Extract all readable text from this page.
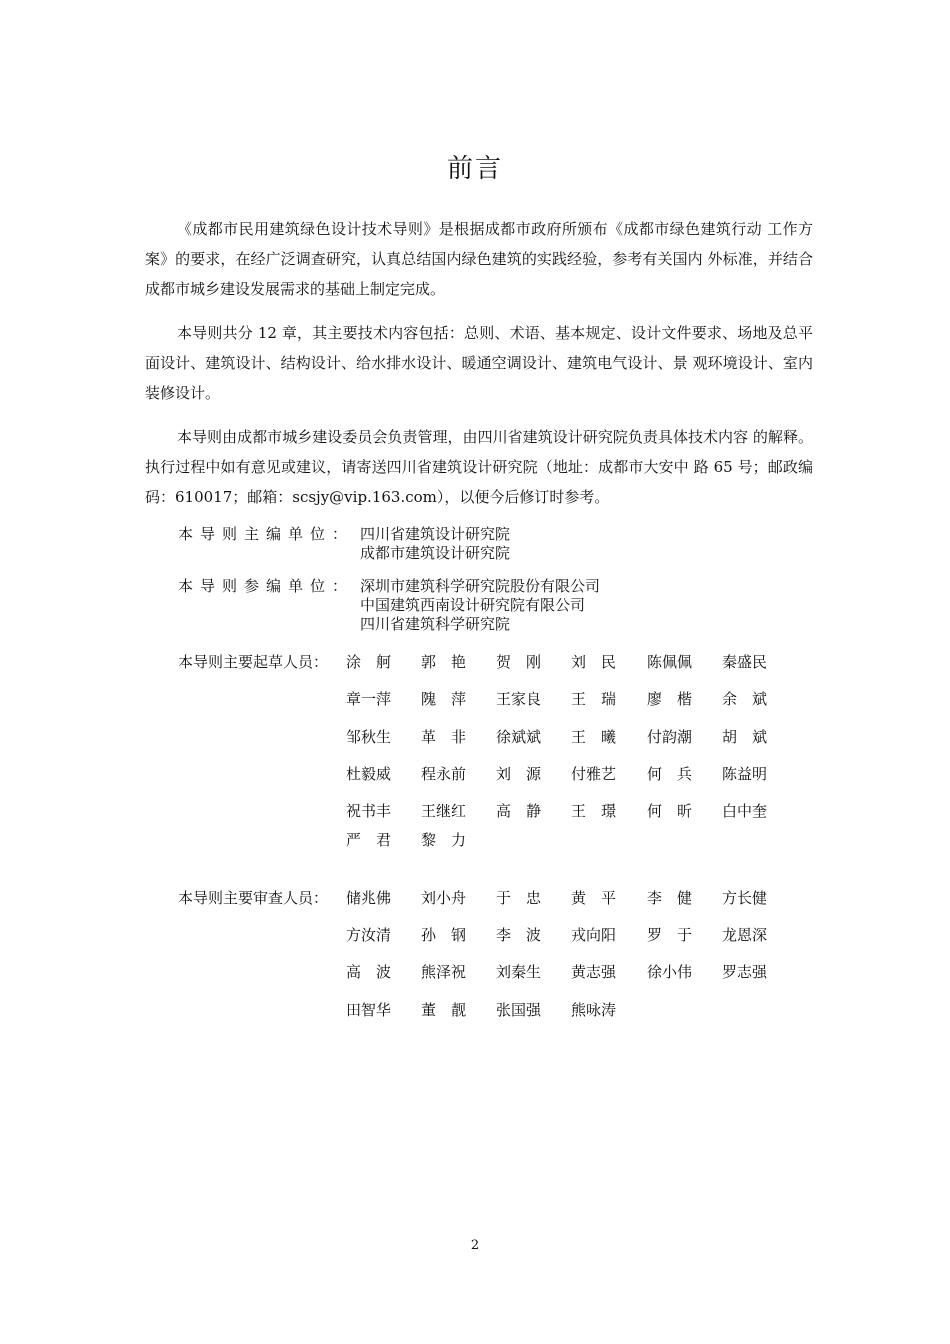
前言

《成都市民用建筑绿色设计技术导则》是根据成都市政府所颁布《成都市绿色建筑行动 工作方案》的要求，在经广泛调查研究，认真总结国内绿色建筑的实践经验，参考有关国内 外标准，并结合成都市城乡建设发展需求的基础上制定完成。

本导则共分 12 章，其主要技术内容包括：总则、术语、基本规定、设计文件要求、场地及总平面设计、建筑设计、结构设计、给水排水设计、暖通空调设计、建筑电气设计、景 观环境设计、室内装修设计。

本导则由成都市城乡建设委员会负责管理，由四川省建筑设计研究院负责具体技术内容 的解释。执行过程中如有意见或建议，请寄送四川省建筑设计研究院（地址：成都市大安中 路 65 号；邮政编码：610017；邮箱：scsjy@vip.163.com），以便今后修订时参考。

本导则主编单位： 四川省建筑设计研究院
成都市建筑设计研究院
本导则参编单位： 深圳市建筑科学研究院股份有限公司
中国建筑西南设计研究院有限公司
四川省建筑科学研究院
本导则主要起草人员： 涂　舸 郭　艳 贺　刚 刘　民 陈佩佩 秦盛民
章一萍 隗　萍 王家良 王　瑞 廖　楷 余　斌
邹秋生 革　非 徐斌斌 王　曦 付韵潮 胡　斌
杜毅威 程永前 刘　源 付雅艺 何　兵 陈益明
祝书丰 王继红 高　静 王　璟 何　昕 白中奎
严　君 黎　力
本导则主要审查人员： 储兆佛 刘小舟 于　忠 黄　平 李　健 方长健
方汝清 孙　钢 李　波 戎向阳 罗　于 龙恩深
高　波 熊泽祝 刘秦生 黄志强 徐小伟 罗志强
田智华 董　靓 张国强 熊咏涛
2
